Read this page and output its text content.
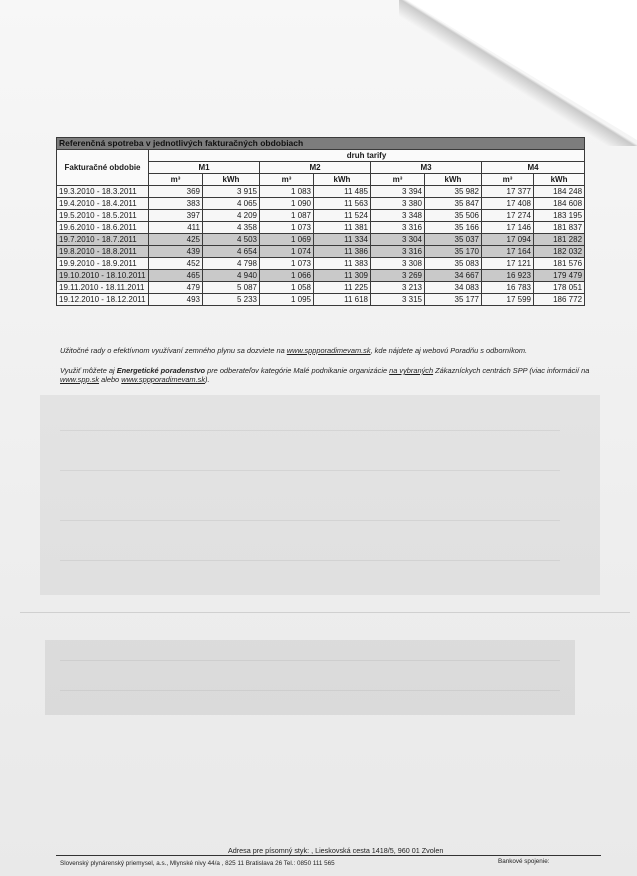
Referenčná spotreba v jednotlivých fakturačných obdobiach								
Fakturačné obdobie	druh tarify							
	M1		M2		M3		M4	
	m³	kWh	m³	kWh	m³	kWh	m³	kWh
19.3.2010 - 18.3.2011	369	3 915	1 083	11 485	3 394	35 982	17 377	184 248
19.4.2010 - 18.4.2011	383	4 065	1 090	11 563	3 380	35 847	17 408	184 608
19.5.2010 - 18.5.2011	397	4 209	1 087	11 524	3 348	35 506	17 274	183 195
19.6.2010 - 18.6.2011	411	4 358	1 073	11 381	3 316	35 166	17 146	181 837
19.7.2010 - 18.7.2011	425	4 503	1 069	11 334	3 304	35 037	17 094	181 282
19.8.2010 - 18.8.2011	439	4 654	1 074	11 386	3 316	35 170	17 164	182 032
19.9.2010 - 18.9.2011	452	4 798	1 073	11 383	3 308	35 083	17 121	181 576
19.10.2010 - 18.10.2011	465	4 940	1 066	11 309	3 269	34 667	16 923	179 479
19.11.2010 - 18.11.2011	479	5 087	1 058	11 225	3 213	34 083	16 783	178 051
19.12.2010 - 18.12.2011	493	5 233	1 095	11 618	3 315	35 177	17 599	186 772

Užitočné rady o efektívnom využívaní zemného plynu sa dozviete na www.sppporadimevam.sk, kde nájdete aj webovú Poradňu s odborníkom.

Využiť môžete aj Energetické poradenstvo pre odberateľov kategórie Malé podnikanie organizácie na vybraných Zákazníckych centrách SPP (viac informácií na www.spp.sk alebo www.sppporadimevam.sk).

Adresa pre písomný styk: , Lieskovská cesta 1418/5, 960 01 Zvolen
Slovenský plynárenský priemysel, a.s., Mlynské nivy 44/a , 825 11 Bratislava 26 Tel.: 0850 111 565	Bankové spojenie:
